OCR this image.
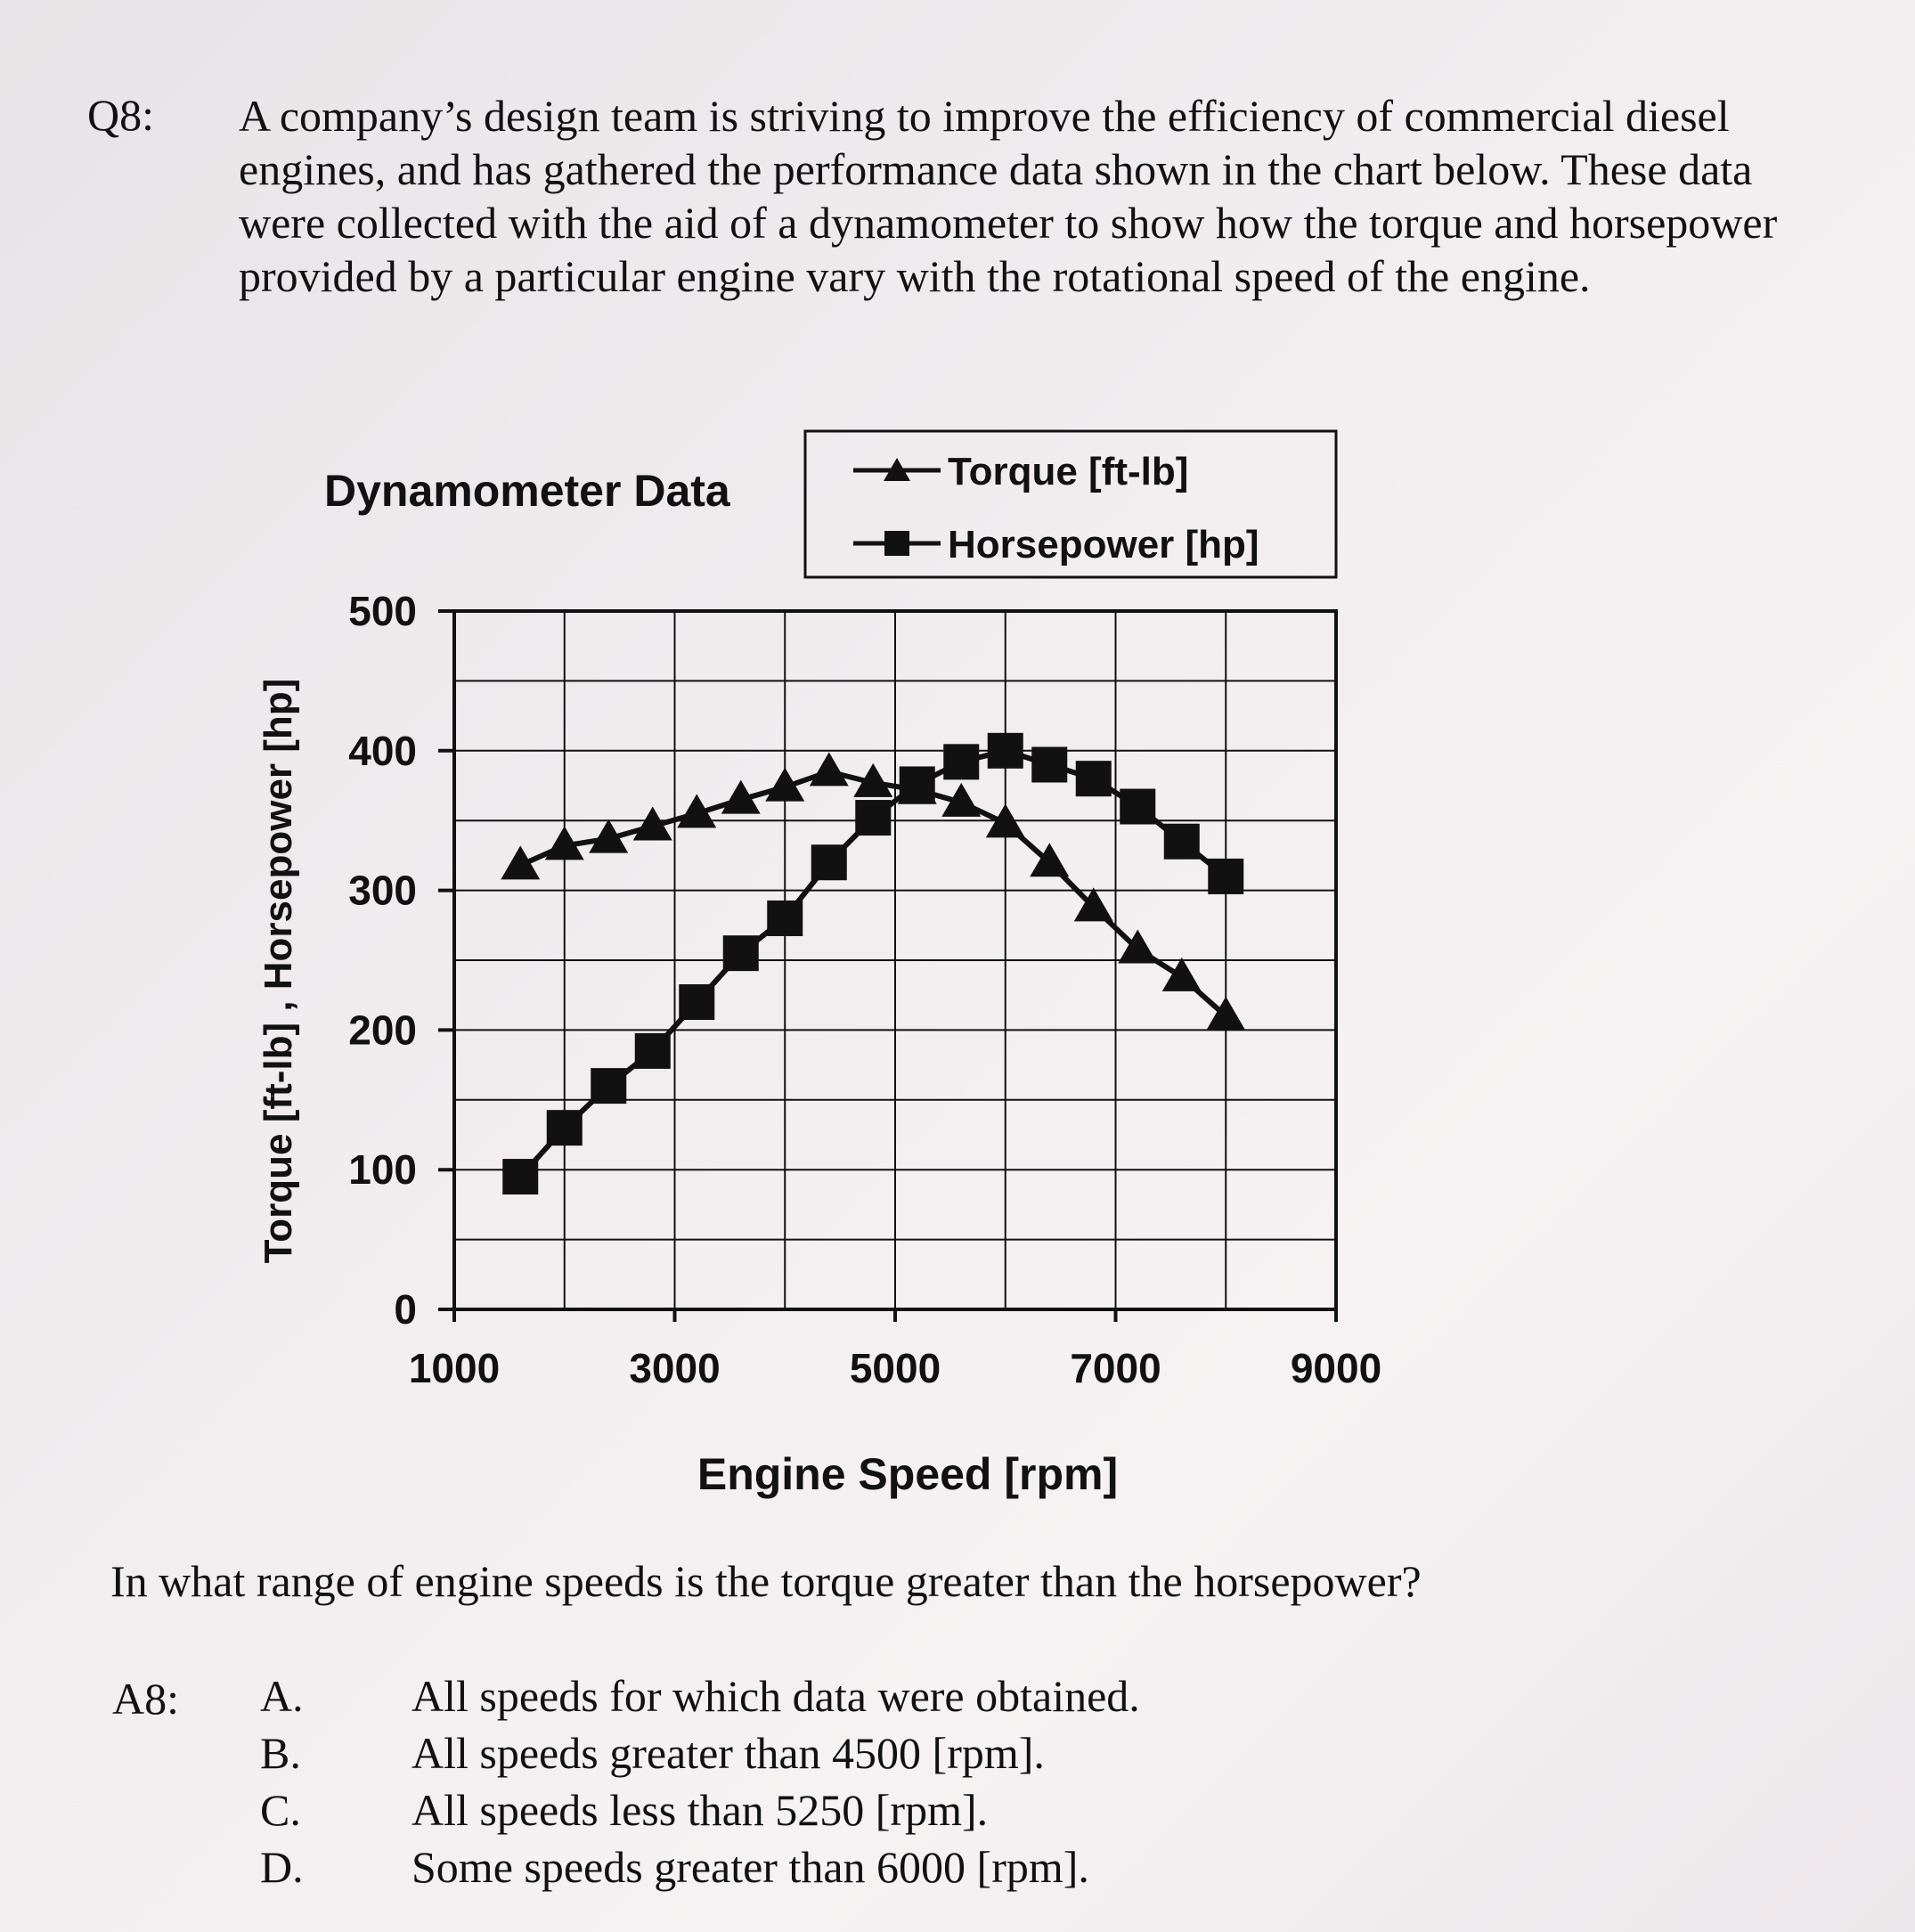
Q8: A company’s design team is striving to improve the efficiency of commercial diesel engines, and has gathered the performance data shown in the chart below. These data were collected with the aid of a dynamometer to show how the torque and horsepower provided by a particular engine vary with the rotational speed of the engine.

Dynamometer Data
Engine Speed [rpm]
Torque [ft-lb] , Horsepower [hp]
Torque [ft-lb]
Horsepower [hp]
0
100
200
300
400
500
1000	3000	5000	7000	9000
In what range of engine speeds is the torque greater than the horsepower?
A8: A.	All speeds for which data were obtained.
B.	All speeds greater than 4500 [rpm].
C.	All speeds less than 5250 [rpm].
D.	Some speeds greater than 6000 [rpm].
